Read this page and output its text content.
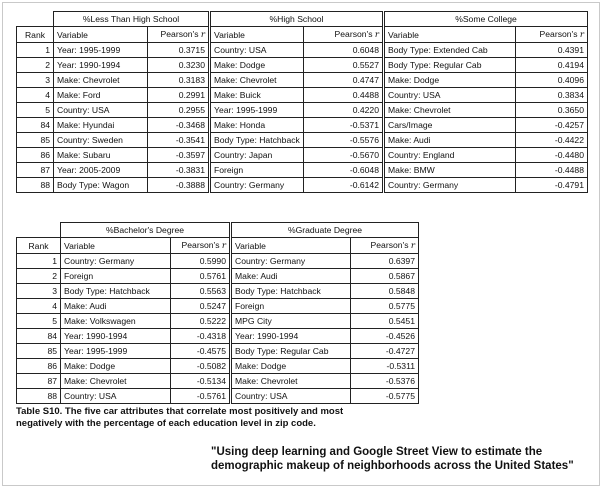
	%Less Than High School		%High School		%Some College	
Rank	Variable	Pearson's r	Variable	Pearson's r	Variable	Pearson's r
1	Year: 1995-1999	0.3715	Country: USA	0.6048	Body Type: Extended Cab	0.4391
2	Year: 1990-1994	0.3230	Make: Dodge	0.5527	Body Type: Regular Cab	0.4194
3	Make: Chevrolet	0.3183	Make: Chevrolet	0.4747	Make: Dodge	0.4096
4	Make: Ford	0.2991	Make: Buick	0.4488	Country: USA	0.3834
5	Country: USA	0.2955	Year: 1995-1999	0.4220	Make: Chevrolet	0.3650
84	Make: Hyundai	-0.3468	Make: Honda	-0.5371	Cars/Image	-0.4257
85	Country: Sweden	-0.3541	Body Type: Hatchback	-0.5576	Make: Audi	-0.4422
86	Make: Subaru	-0.3597	Country: Japan	-0.5670	Country: England	-0.4480
87	Year: 2005-2009	-0.3831	Foreign	-0.6048	Make: BMW	-0.4488
88	Body Type: Wagon	-0.3888	Country: Germany	-0.6142	Country: Germany	-0.4791
	%Bachelor's Degree		%Graduate Degree	
Rank	Variable	Pearson's r	Variable	Pearson's r
1	Country: Germany	0.5990	Country: Germany	0.6397
2	Foreign	0.5761	Make: Audi	0.5867
3	Body Type: Hatchback	0.5563	Body Type: Hatchback	0.5848
4	Make: Audi	0.5247	Foreign	0.5775
5	Make: Volkswagen	0.5222	MPG City	0.5451
84	Year: 1990-1994	-0.4318	Year: 1990-1994	-0.4526
85	Year: 1995-1999	-0.4575	Body Type: Regular Cab	-0.4727
86	Make: Dodge	-0.5082	Make: Dodge	-0.5311
87	Make: Chevrolet	-0.5134	Make: Chevrolet	-0.5376
88	Country: USA	-0.5761	Country: USA	-0.5775
Table S10. The five car attributes that correlate most positively and most negatively with the percentage of each education level in zip code.
"Using deep learning and Google Street View to estimate the demographic makeup of neighborhoods across the United States"
